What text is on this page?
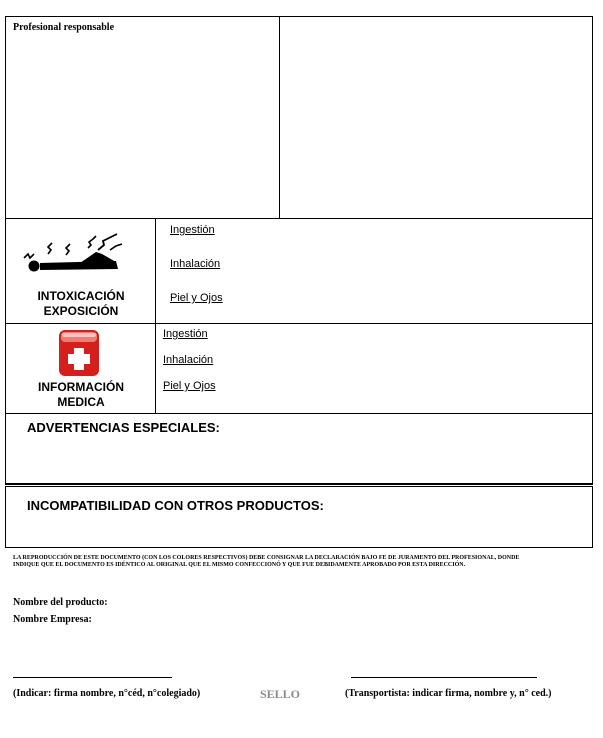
Profesional responsable
INTOXICACIÓN
EXPOSICIÓN
Ingestión
Inhalación
Piel y Ojos
INFORMACIÓN
MEDICA
Ingestión
Inhalación
Piel y Ojos
ADVERTENCIAS ESPECIALES:
INCOMPATIBILIDAD CON OTROS PRODUCTOS:
LA REPRODUCCIÓN DE ESTE DOCUMENTO (CON LOS COLORES RESPECTIVOS) DEBE CONSIGNAR LA DECLARACIÓN BAJO FE DE JURAMENTO DEL PROFESIONAL, DONDE
INDIQUE QUE EL DOCUMENTO ES IDÉNTICO AL ORIGINAL QUE EL MISMO CONFECCIONÓ Y QUE FUE DEBIDAMENTE APROBADO POR ESTA DIRECCIÓN.
Nombre del producto:
Nombre Empresa:
(Indicar: firma nombre, n°céd, n°colegiado)	SELLO	(Transportista: indicar firma, nombre y, n° ced.)
